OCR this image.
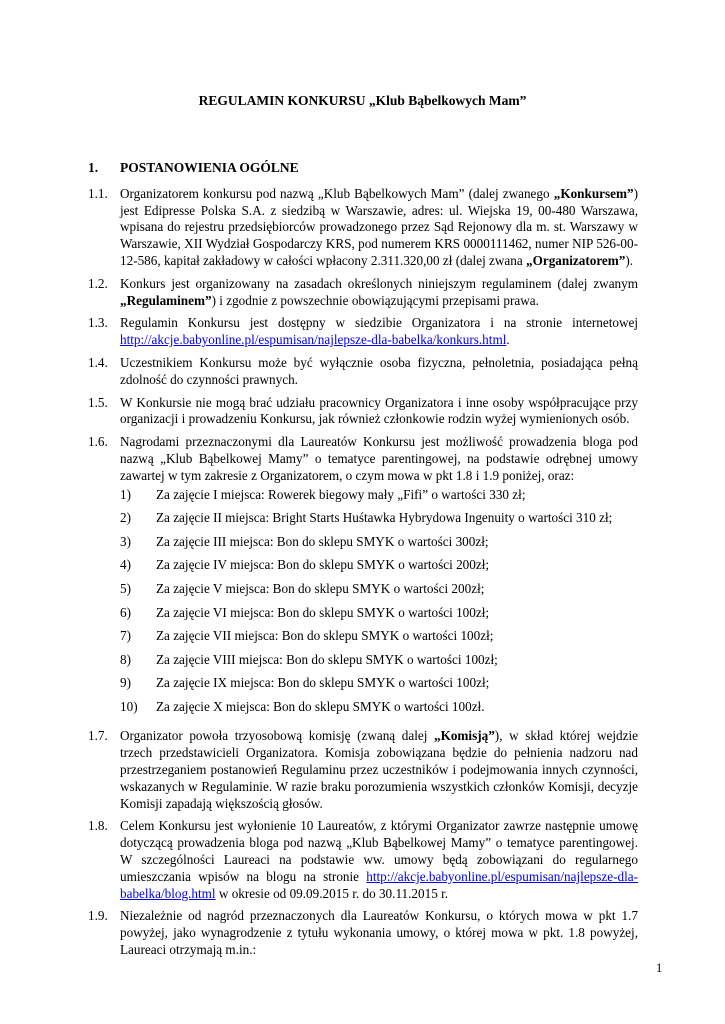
REGULAMIN KONKURSU „Klub Bąbelkowych Mam”
1.	POSTANOWIENIA OGÓLNE
1.1. Organizatorem konkursu pod nazwą „Klub Bąbelkowych Mam” (dalej zwanego „Konkursem”) jest Edipresse Polska S.A. z siedzibą w Warszawie, adres: ul. Wiejska 19, 00-480 Warszawa, wpisana do rejestru przedsiębiorców prowadzonego przez Sąd Rejonowy dla m. st. Warszawy w Warszawie, XII Wydział Gospodarczy KRS, pod numerem KRS 0000111462, numer NIP 526-00-12-586, kapitał zakładowy w całości wpłacony 2.311.320,00 zł (dalej zwana „Organizatorem”).
1.2. Konkurs jest organizowany na zasadach określonych niniejszym regulaminem (dalej zwanym „Regulaminem”) i zgodnie z powszechnie obowiązującymi przepisami prawa.
1.3. Regulamin Konkursu jest dostępny w siedzibie Organizatora i na stronie internetowej http://akcje.babyonline.pl/espumisan/najlepsze-dla-babelka/konkurs.html.
1.4. Uczestnikiem Konkursu może być wyłącznie osoba fizyczna, pełnoletnia, posiadająca pełną zdolność do czynności prawnych.
1.5. W Konkursie nie mogą brać udziału pracownicy Organizatora i inne osoby współpracujące przy organizacji i prowadzeniu Konkursu, jak również członkowie rodzin wyżej wymienionych osób.
1.6. Nagrodami przeznaczonymi dla Laureatów Konkursu jest możliwość prowadzenia bloga pod nazwą „Klub Bąbelkowej Mamy” o tematyce parentingowej, na podstawie odrębnej umowy zawartej w tym zakresie z Organizatorem, o czym mowa w pkt 1.8 i 1.9 poniżej, oraz:
1)	Za zajęcie I miejsca: Rowerek biegowy mały „Fifi” o wartości 330 zł;
2)	Za zajęcie II miejsca: Bright Starts Huśtawka Hybrydowa Ingenuity o wartości 310 zł;
3)	Za zajęcie III miejsca: Bon do sklepu SMYK o wartości 300zł;
4)	Za zajęcie IV miejsca: Bon do sklepu SMYK o wartości 200zł;
5)	Za zajęcie V miejsca: Bon do sklepu SMYK o wartości 200zł;
6)	Za zajęcie VI miejsca: Bon do sklepu SMYK o wartości 100zł;
7)	Za zajęcie VII miejsca: Bon do sklepu SMYK o wartości 100zł;
8)	Za zajęcie VIII miejsca: Bon do sklepu SMYK o wartości 100zł;
9)	Za zajęcie IX miejsca: Bon do sklepu SMYK o wartości 100zł;
10)	Za zajęcie X miejsca: Bon do sklepu SMYK o wartości 100zł.
1.7. Organizator powoła trzyosobową komisję (zwaną dalej „Komisją”), w skład której wejdzie trzech przedstawicieli Organizatora. Komisja zobowiązana będzie do pełnienia nadzoru nad przestrzeganiem postanowień Regulaminu przez uczestników i podejmowania innych czynności, wskazanych w Regulaminie. W razie braku porozumienia wszystkich członków Komisji, decyzje Komisji zapadają większością głosów.
1.8. Celem Konkursu jest wyłonienie 10 Laureatów, z którymi Organizator zawrze następnie umowę dotyczącą prowadzenia bloga pod nazwą „Klub Bąbelkowej Mamy” o tematyce parentingowej. W szczególności Laureaci na podstawie ww. umowy będą zobowiązani do regularnego umieszczania wpisów na blogu na stronie http://akcje.babyonline.pl/espumisan/najlepsze-dla-babelka/blog.html w okresie od 09.09.2015 r. do 30.11.2015 r.
1.9. Niezależnie od nagród przeznaczonych dla Laureatów Konkursu, o których mowa w pkt 1.7 powyżej, jako wynagrodzenie z tytułu wykonania umowy, o której mowa w pkt. 1.8 powyżej, Laureaci otrzymają m.in.:
1
